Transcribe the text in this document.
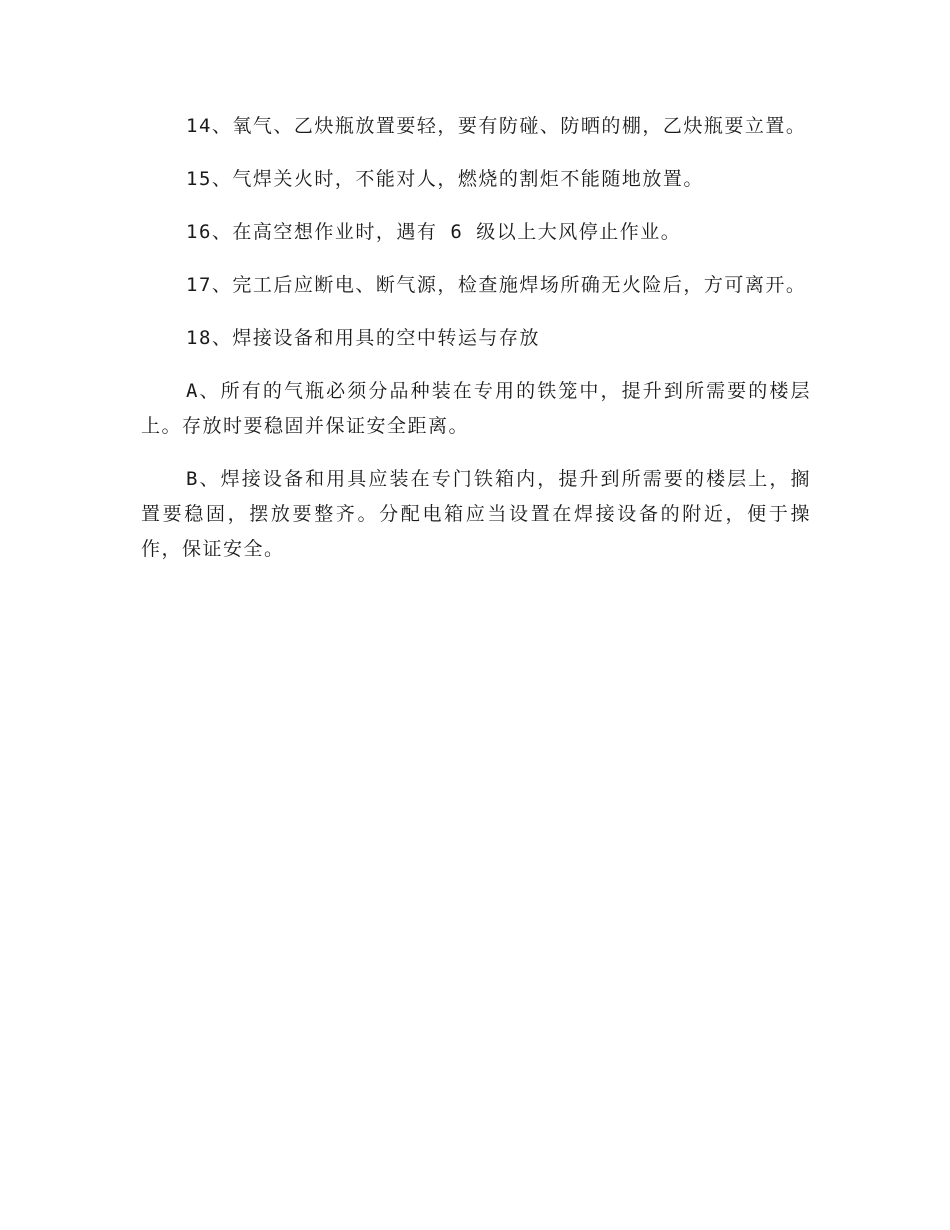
14、氧气、乙炔瓶放置要轻，要有防碰、防晒的棚，乙炔瓶要立置。

15、气焊关火时，不能对人，燃烧的割炬不能随地放置。

16、在高空想作业时，遇有 6 级以上大风停止作业。

17、完工后应断电、断气源，检查施焊场所确无火险后，方可离开。

18、焊接设备和用具的空中转运与存放

A、所有的气瓶必须分品种装在专用的铁笼中，提升到所需要的楼层上。存放时要稳固并保证安全距离。

B、焊接设备和用具应装在专门铁箱内，提升到所需要的楼层上，搁置要稳固，摆放要整齐。分配电箱应当设置在焊接设备的附近，便于操作，保证安全。
